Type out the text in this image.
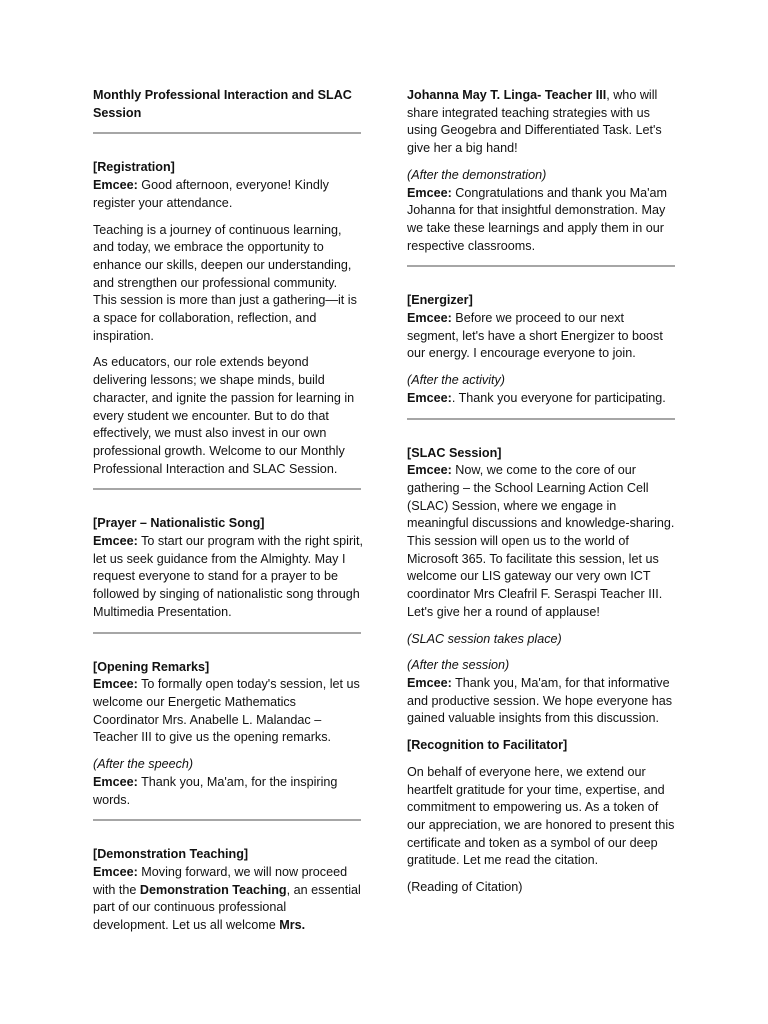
Monthly Professional Interaction and SLAC Session

[Registration]

Emcee: Good afternoon, everyone! Kindly register your attendance.

Teaching is a journey of continuous learning, and today, we embrace the opportunity to enhance our skills, deepen our understanding, and strengthen our professional community. This session is more than just a gathering—it is a space for collaboration, reflection, and inspiration.

As educators, our role extends beyond delivering lessons; we shape minds, build character, and ignite the passion for learning in every student we encounter. But to do that effectively, we must also invest in our own professional growth. Welcome to our Monthly Professional Interaction and SLAC Session.

[Prayer – Nationalistic Song]

Emcee: To start our program with the right spirit, let us seek guidance from the Almighty. May I request everyone to stand for a prayer to be followed by singing of nationalistic song through Multimedia Presentation.

[Opening Remarks]

Emcee: To formally open today's session, let us welcome our Energetic Mathematics Coordinator Mrs. Anabelle L. Malandac – Teacher III to give us the opening remarks.

(After the speech)

Emcee: Thank you, Ma'am, for the inspiring words.

[Demonstration Teaching]

Emcee: Moving forward, we will now proceed with the Demonstration Teaching, an essential part of our continuous professional development. Let us all welcome Mrs.

Johanna May T. Linga- Teacher III, who will share integrated teaching strategies with us using Geogebra and Differentiated Task. Let's give her a big hand!

(After the demonstration)

Emcee: Congratulations and thank you Ma'am Johanna for that insightful demonstration. May we take these learnings and apply them in our respective classrooms.

[Energizer]

Emcee: Before we proceed to our next segment, let's have a short Energizer to boost our energy. I encourage everyone to join.

(After the activity)

Emcee:. Thank you everyone for participating.

[SLAC Session]

Emcee: Now, we come to the core of our gathering – the School Learning Action Cell (SLAC) Session, where we engage in meaningful discussions and knowledge-sharing. This session will open us to the world of Microsoft 365. To facilitate this session, let us welcome our LIS gateway our very own ICT coordinator Mrs Cleafril F. Seraspi Teacher III. Let's give her a round of applause!

(SLAC session takes place)

(After the session)

Emcee: Thank you, Ma'am, for that informative and productive session. We hope everyone has gained valuable insights from this discussion.

[Recognition to Facilitator]

On behalf of everyone here, we extend our heartfelt gratitude for your time, expertise, and commitment to empowering us. As a token of our appreciation, we are honored to present this certificate and token as a symbol of our deep gratitude. Let me read the citation.

(Reading of Citation)
